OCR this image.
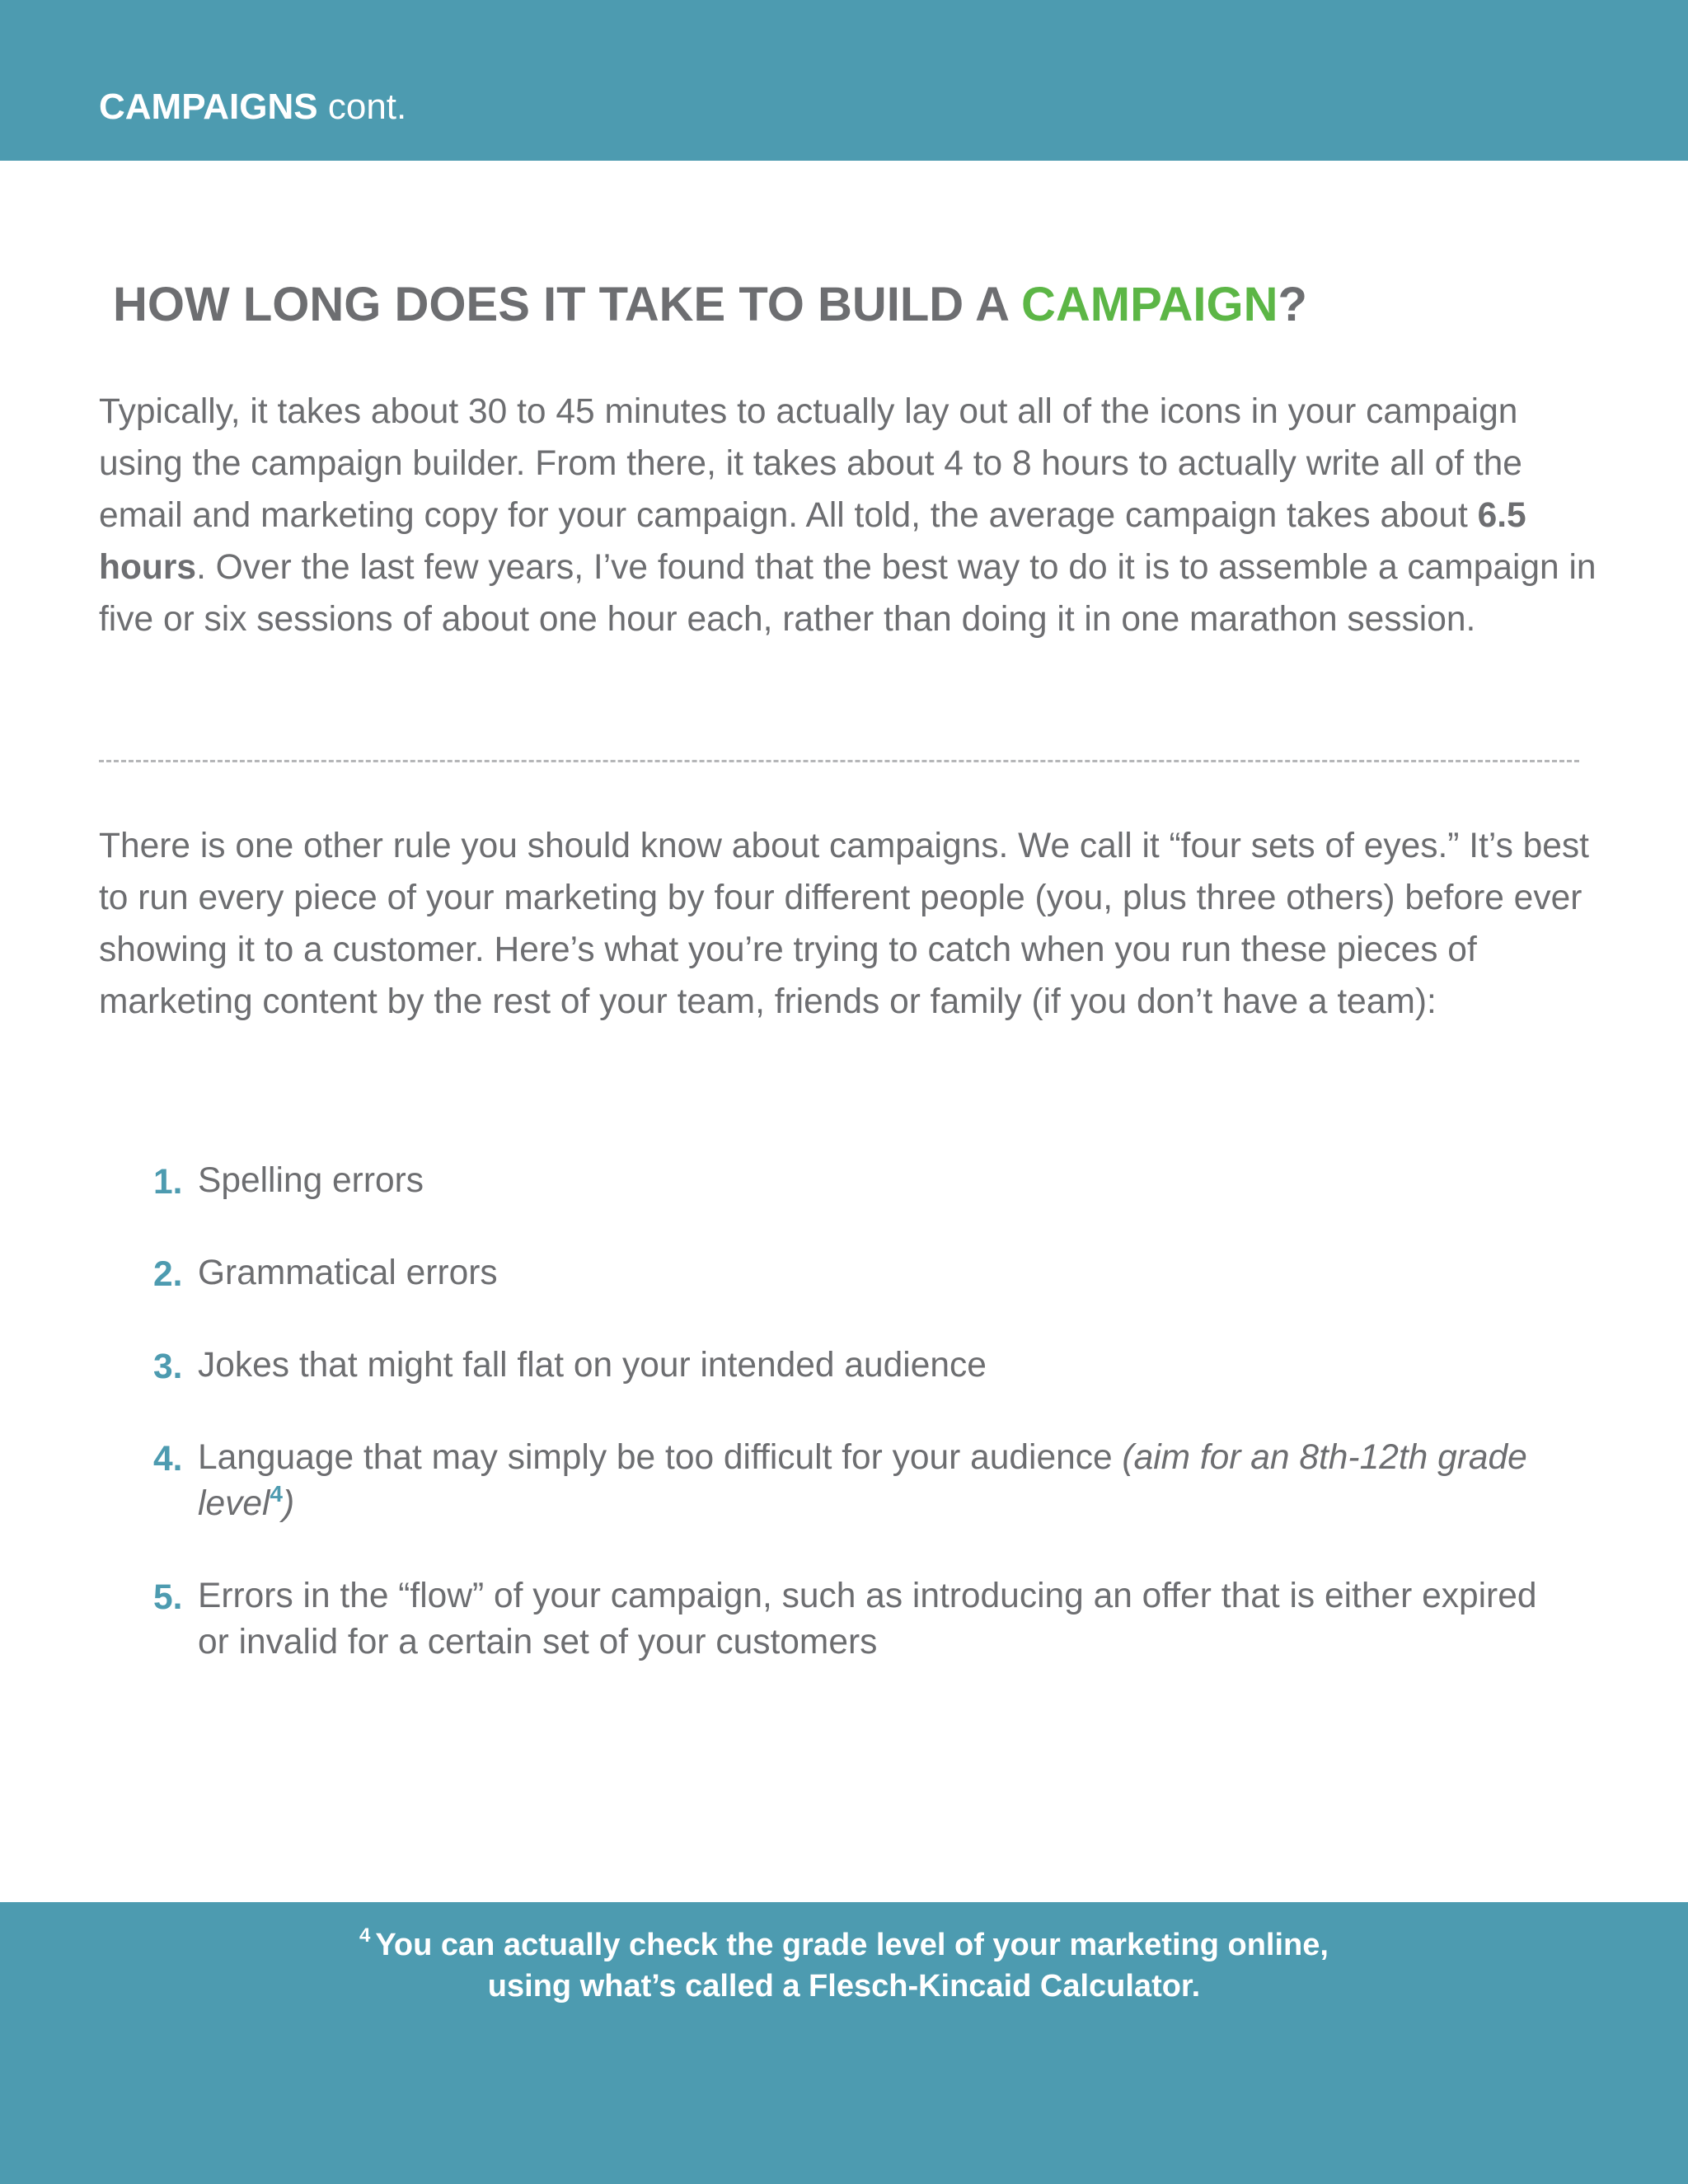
CAMPAIGNS cont.
HOW LONG DOES IT TAKE TO BUILD A CAMPAIGN?

Typically, it takes about 30 to 45 minutes to actually lay out all of the icons in your campaign using the campaign builder. From there, it takes about 4 to 8 hours to actually write all of the email and marketing copy for your campaign. All told, the average campaign takes about 6.5 hours. Over the last few years, I’ve found that the best way to do it is to assemble a campaign in five or six sessions of about one hour each, rather than doing it in one marathon session.

There is one other rule you should know about campaigns. We call it “four sets of eyes.” It’s best to run every piece of your marketing by four different people (you, plus three others) before ever showing it to a customer. Here’s what you’re trying to catch when you run these pieces of marketing content by the rest of your team, friends or family (if you don’t have a team):

1. Spelling errors
2. Grammatical errors
3. Jokes that might fall flat on your intended audience
4. Language that may simply be too difficult for your audience (aim for an 8th-12th grade level$^4$)
5. Errors in the “flow” of your campaign, such as introducing an offer that is either expired or invalid for a certain set of your customers
$^4$ You can actually check the grade level of your marketing online,
using what’s called a Flesch-Kincaid Calculator.
